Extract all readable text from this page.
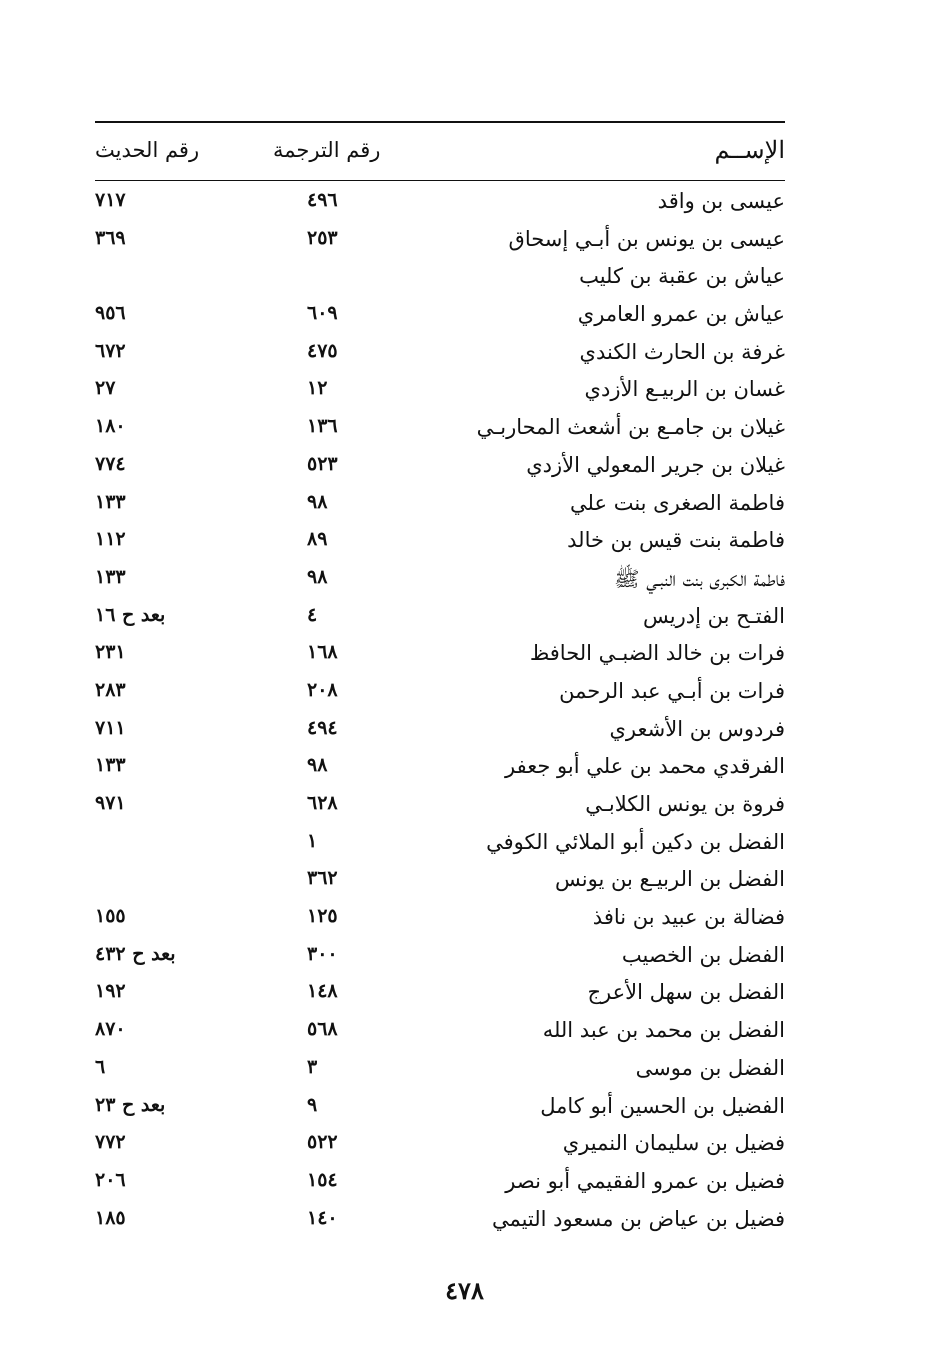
الإســم
رقم الترجمة
رقم الحديث
عيسى بن واقد
٤٩٦
٧١٧
عيسى بن يونس بن أبـي إسحاق
٢٥٣
٣٦٩
عياش بن عقبة بن كليب
عياش بن عمرو العامري
٦٠٩
٩٥٦
غرفة بن الحارث الكندي
٤٧٥
٦٧٢
غسان بن الربيـع الأزدي
١٢
٢٧
غيلان بن جامـع بن أشعث المحاربـي
١٣٦
١٨٠
غيلان بن جرير المعولي الأزدي
٥٢٣
٧٧٤
فاطمة الصغرى بنت علي
٩٨
١٣٣
فاطمة بنت قيس بن خالد
٨٩
١١٢
فاطمة الكبرى بنت النبـي ﷺ
٩٨
١٣٣
الفتـح بن إدريس
٤
بعد ح ١٦
فرات بن خالد الضبـي الحافظ
١٦٨
٢٣١
فرات بن أبـي عبد الرحمن
٢٠٨
٢٨٣
فردوس بن الأشعري
٤٩٤
٧١١
الفرقدي محمد بن علي أبو جعفر
٩٨
١٣٣
فروة بن يونس الكلابـي
٦٢٨
٩٧١
الفضل بن دكين أبو الملائي الكوفي
١
الفضل بن الربيـع بن يونس
٣٦٢
فضالة بن عبيد بن نافذ
١٢٥
١٥٥
الفضل بن الخصيب
٣٠٠
بعد ح ٤٣٢
الفضل بن سهل الأعرج
١٤٨
١٩٢
الفضل بن محمد بن عبد الله
٥٦٨
٨٧٠
الفضل بن موسى
٣
٦
الفضيل بن الحسين أبو كامل
٩
بعد ح ٢٣
فضيل بن سليمان النميري
٥٢٢
٧٧٢
فضيل بن عمرو الفقيمي أبو نصر
١٥٤
٢٠٦
فضيل بن عياض بن مسعود التيمي
١٤٠
١٨٥
٤٧٨
